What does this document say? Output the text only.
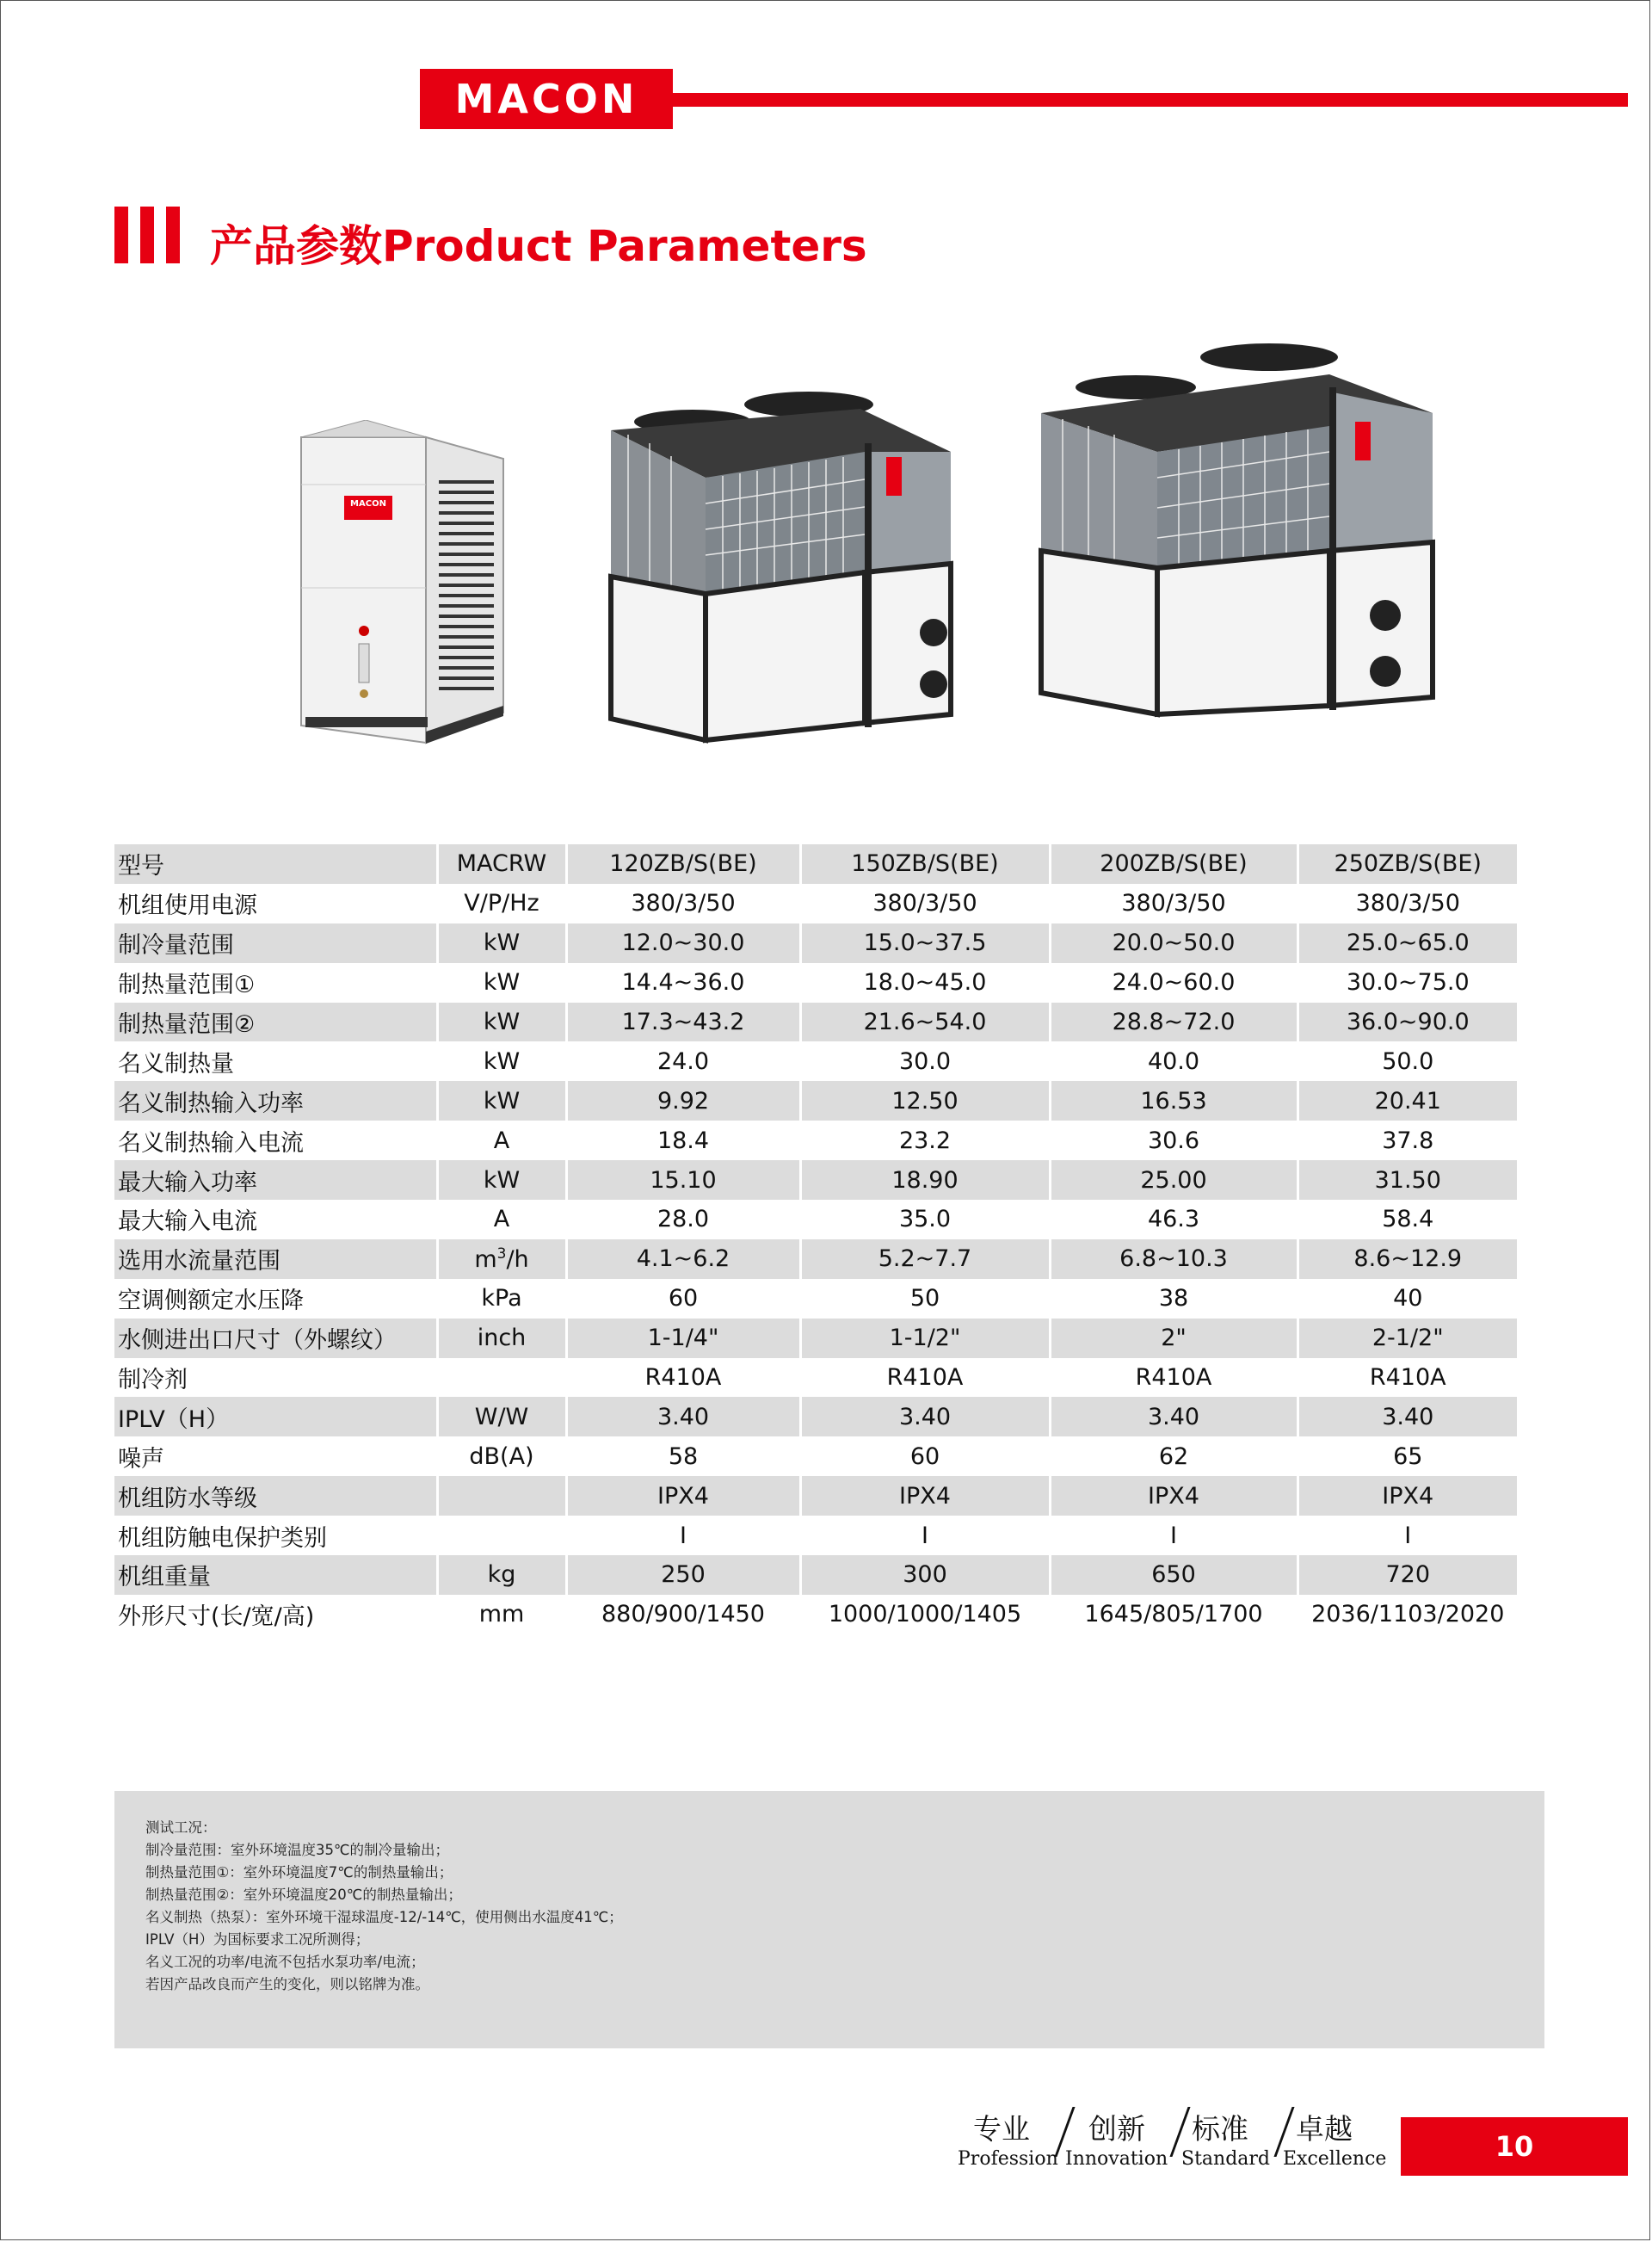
MACON
产品参数Product Parameters
MACON
型号	MACRW	120ZB/S(BE)	150ZB/S(BE)	200ZB/S(BE)	250ZB/S(BE)
机组使用电源	V/P/Hz	380/3/50	380/3/50	380/3/50	380/3/50
制冷量范围	kW	12.0~30.0	15.0~37.5	20.0~50.0	25.0~65.0
制热量范围①	kW	14.4~36.0	18.0~45.0	24.0~60.0	30.0~75.0
制热量范围②	kW	17.3~43.2	21.6~54.0	28.8~72.0	36.0~90.0
名义制热量	kW	24.0	30.0	40.0	50.0
名义制热输入功率	kW	9.92	12.50	16.53	20.41
名义制热输入电流	A	18.4	23.2	30.6	37.8
最大输入功率	kW	15.10	18.90	25.00	31.50
最大输入电流	A	28.0	35.0	46.3	58.4
选用水流量范围	$m^3/h$	4.1~6.2	5.2~7.7	6.8~10.3	8.6~12.9
空调侧额定水压降	kPa	60	50	38	40
水侧进出口尺寸（外螺纹）	inch	1-1/4"	1-1/2"	2"	2-1/2"
制冷剂		R410A	R410A	R410A	R410A
IPLV（H）	W/W	3.40	3.40	3.40	3.40
噪声	dB(A)	58	60	62	65
机组防水等级		IPX4	IPX4	IPX4	IPX4
机组防触电保护类别		I	I	I	I
机组重量	kg	250	300	650	720
外形尺寸(长/宽/高)	mm	880/900/1450	1000/1000/1405	1645/805/1700	2036/1103/2020
测试工况：
制冷量范围：室外环境温度35℃的制冷量输出；
制热量范围①：室外环境温度7℃的制热量输出；
制热量范围②：室外环境温度20℃的制热量输出；
名义制热（热泵）：室外环境干湿球温度-12/-14℃，使用侧出水温度41℃；
IPLV（H）为国标要求工况所测得；
名义工况的功率/电流不包括水泵功率/电流；
若因产品改良而产生的变化，则以铭牌为准。
专业 创新 标准 卓越
Profession Innovation Standard Excellence	10
